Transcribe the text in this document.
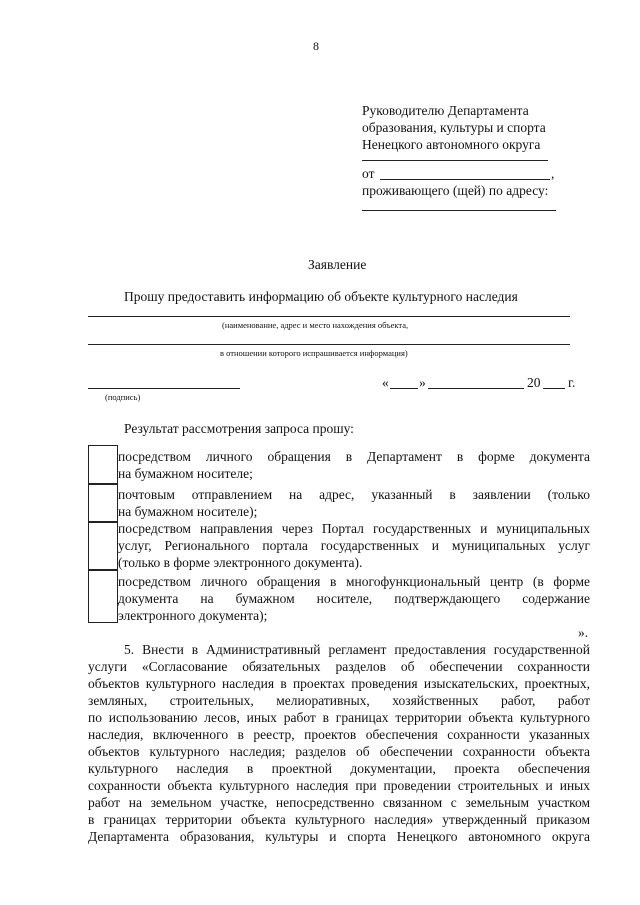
8
Руководителю Департамента
образования, культуры и спорта
Ненецкого автономного округа
от	,
проживающего (щей) по адресу:
Заявление
Прошу предоставить информацию об объекте культурного наследия
(наименование, адрес и место нахождения объекта,
в отношении которого испрашивается информация)
(подпись)
« »	20 г.
Результат рассмотрения запроса прошу:
посредством личного обращения в Департамент в форме документа
на бумажном носителе;
почтовым отправлением на адрес, указанный в заявлении (только
на бумажном носителе);
посредством направления через Портал государственных и муниципальных
услуг, Регионального портала государственных и муниципальных услуг
(только в форме электронного документа).
посредством личного обращения в многофункциональный центр (в форме
документа на бумажном носителе, подтверждающего содержание
электронного документа);
».
5. Внести в Административный регламент предоставления государственной
услуги «Согласование обязательных разделов об обеспечении сохранности
объектов культурного наследия в проектах проведения изыскательских, проектных,
земляных, строительных, мелиоративных, хозяйственных работ, работ
по использованию лесов, иных работ в границах территории объекта культурного
наследия, включенного в реестр, проектов обеспечения сохранности указанных
объектов культурного наследия; разделов об обеспечении сохранности объекта
культурного наследия в проектной документации, проекта обеспечения
сохранности объекта культурного наследия при проведении строительных и иных
работ на земельном участке, непосредственно связанном с земельным участком
в границах территории объекта культурного наследия» утвержденный приказом
Департамента образования, культуры и спорта Ненецкого автономного округа
